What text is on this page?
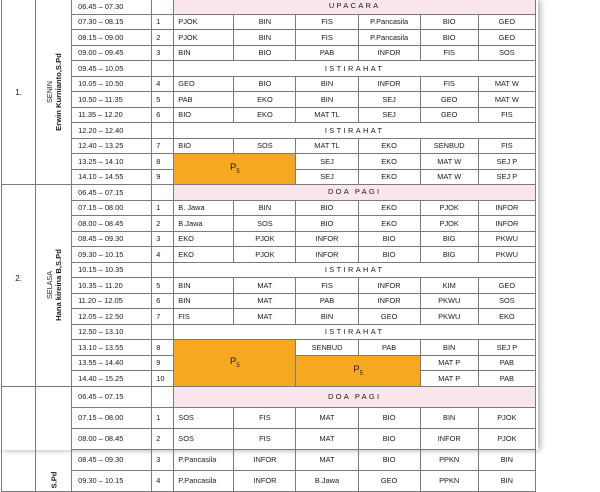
1.	SENIN Erwin Kurnianto,S.Pd	06.45 – 07.30		UPACARA					
		07.30 – 08.15	1	PJOK	BIN	FIS	P.Pancasila	BIO	GEO
		08.15 – 09.00	2	PJOK	BIN	FIS	P.Pancasila	BIO	GEO
		09.00 – 09.45	3	BIN	BIO	PAB	INFOR	FIS	SOS
		09.45 – 10.05		ISTIRAHAT					
		10.05 – 10.50	4	GEO	BIO	BIN	INFOR	FIS	MAT W
		10.50 – 11.35	5	PAB	EKO	BIN	SEJ	GEO	MAT W
		11.35 – 12.20	6	BIO	EKO	MAT TL	SEJ	GEO	FIS
		12.20 – 12.40		ISTIRAHAT					
		12.40 – 13.25	7	BIO	SOS	MAT TL	EKO	SENBUD	FIS
		13.25 – 14.10	8	$P_5$		SEJ	EKO	MAT W	SEJ P
		14.10 – 14.55	9			SEJ	EKO	MAT W	SEJ P
2.	SELASA Hana kireina B,S.Pd	06.45 – 07.15		DOA PAGI					
		07.15 – 08.00	1	B. Jawa	BIN	BIO	EKO	PJOK	INFOR
		08.00 – 08.45	2	B.Jawa	SOS	BIO	EKO	PJOK	INFOR
		08.45 – 09.30	3	EKO	PJOK	INFOR	BIO	BIG	PKWU
		09.30 – 10.15	4	EKO	PJOK	INFOR	BIO	BIG	PKWU
		10.15 – 10.35		ISTIRAHAT					
		10.35 – 11.20	5	BIN	MAT	FIS	INFOR	KIM	GEO
		11.20 – 12.05	6	BIN	MAT	PAB	INFOR	PKWU	SOS
		12.05 – 12.50	7	FIS	MAT	BIN	GEO	PKWU	EKO
		12.50 – 13.10		ISTIRAHAT					
		13.10 – 13.55	8	$P_5$		SENBUD	PAB	BIN	SEJ P
		13.55 – 14.40	9			$P_5$		MAT P	PAB
		14.40 – 15.25	10					MAT P	PAB

	S.Pd	06.45 – 07.15		DOA PAGI					
		07.15 – 08.00	1	SOS	FIS	MAT	BIO	BIN	PJOK
		08.00 – 08.45	2	SOS	FIS	MAT	BIO	INFOR	PJOK
		08.45 – 09.30	3	P.Pancasila	INFOR	MAT	BIO	PPKN	BIN
		09.30 – 10.15	4	P.Pancasila	INFOR	B.Jawa	GEO	PPKN	BIN
